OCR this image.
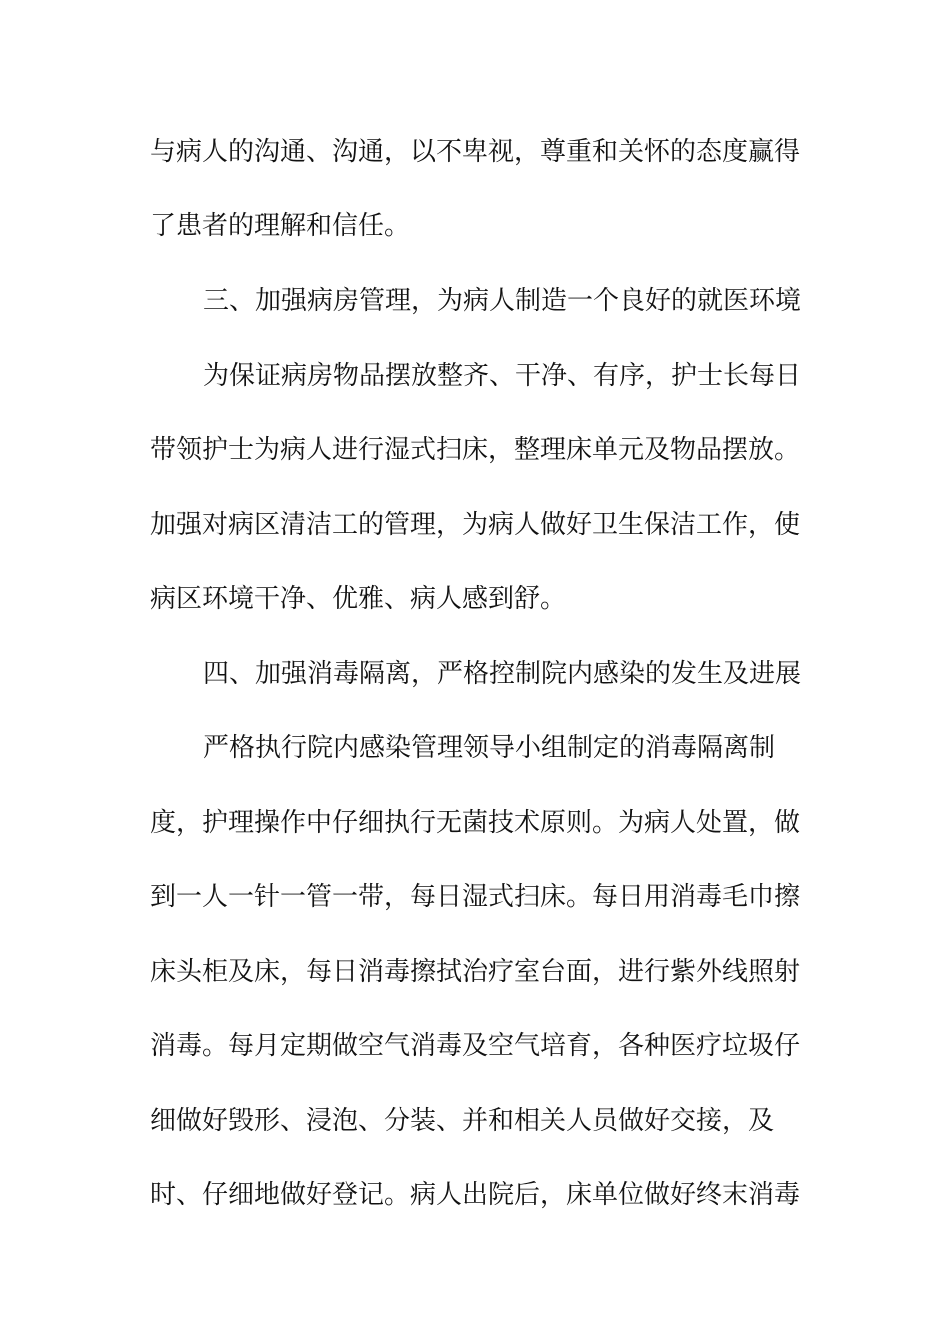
与病人的沟通、沟通，以不卑视，尊重和关怀的态度赢得
了患者的理解和信任。
三、加强病房管理，为病人制造一个良好的就医环境
为保证病房物品摆放整齐、干净、有序，护士长每日
带领护士为病人进行湿式扫床，整理床单元及物品摆放。
加强对病区清洁工的管理，为病人做好卫生保洁工作，使
病区环境干净、优雅、病人感到舒。
四、加强消毒隔离，严格控制院内感染的发生及进展
严格执行院内感染管理领导小组制定的消毒隔离制
度，护理操作中仔细执行无菌技术原则。为病人处置，做
到一人一针一管一带，每日湿式扫床。每日用消毒毛巾擦
床头柜及床，每日消毒擦拭治疗室台面，进行紫外线照射
消毒。每月定期做空气消毒及空气培育，各种医疗垃圾仔
细做好毁形、浸泡、分装、并和相关人员做好交接，及
时、仔细地做好登记。病人出院后，床单位做好终末消毒
